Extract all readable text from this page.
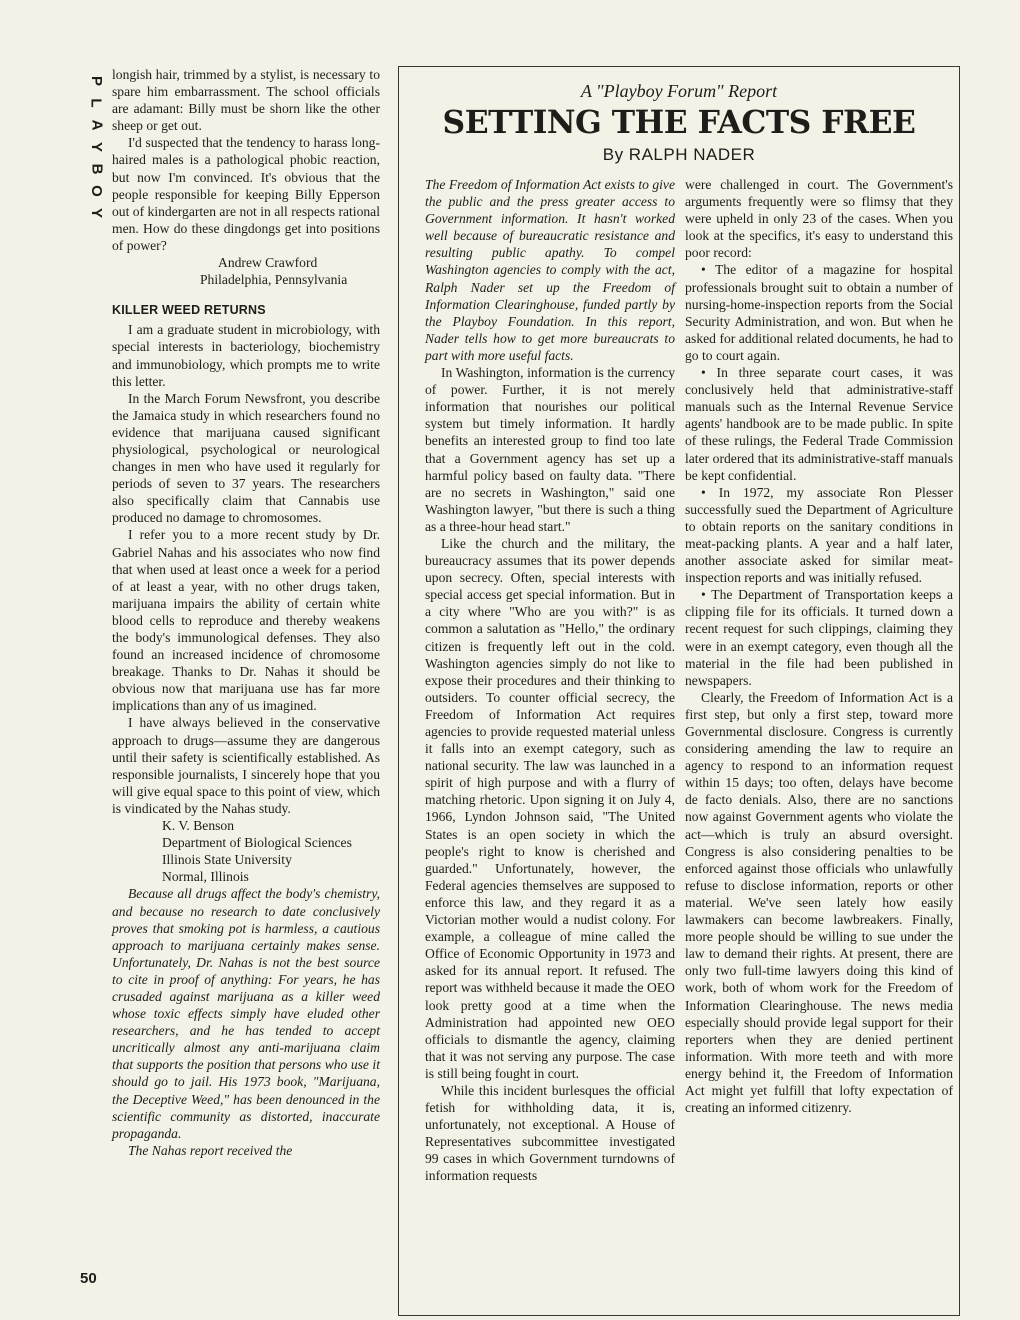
P
L
A
Y
B
O
Y
50

longish hair, trimmed by a stylist, is necessary to spare him embarrassment. The school officials are adamant: Billy must be shorn like the other sheep or get out.

I'd suspected that the tendency to harass long-haired males is a pathological phobic reaction, but now I'm convinced. It's obvious that the people responsible for keeping Billy Epperson out of kindergarten are not in all respects rational men. How do these dingdongs get into positions of power?

Andrew Crawford

Philadelphia, Pennsylvania

KILLER WEED RETURNS

I am a graduate student in microbiology, with special interests in bacteriology, biochemistry and immunobiology, which prompts me to write this letter.

In the March Forum Newsfront, you describe the Jamaica study in which researchers found no evidence that marijuana caused significant physiological, psychological or neurological changes in men who have used it regularly for periods of seven to 37 years. The researchers also specifically claim that Cannabis use produced no damage to chromosomes.

I refer you to a more recent study by Dr. Gabriel Nahas and his associates who now find that when used at least once a week for a period of at least a year, with no other drugs taken, marijuana impairs the ability of certain white blood cells to reproduce and thereby weakens the body's immunological defenses. They also found an increased incidence of chromosome breakage. Thanks to Dr. Nahas it should be obvious now that marijuana use has far more implications than any of us imagined.

I have always believed in the conservative approach to drugs—assume they are dangerous until their safety is scientifically established. As responsible journalists, I sincerely hope that you will give equal space to this point of view, which is vindicated by the Nahas study.

K. V. Benson

Department of Biological Sciences

Illinois State University

Normal, Illinois

Because all drugs affect the body's chemistry, and because no research to date conclusively proves that smoking pot is harmless, a cautious approach to marijuana certainly makes sense. Unfortunately, Dr. Nahas is not the best source to cite in proof of anything: For years, he has crusaded against marijuana as a killer weed whose toxic effects simply have eluded other researchers, and he has tended to accept uncritically almost any anti-marijuana claim that supports the position that persons who use it should go to jail. His 1973 book, "Marijuana, the Deceptive Weed," has been denounced in the scientific community as distorted, inaccurate propaganda.

The Nahas report received the

A "Playboy Forum" Report
SETTING THE FACTS FREE
By RALPH NADER

The Freedom of Information Act exists to give the public and the press greater access to Government information. It hasn't worked well because of bureaucratic resistance and resulting public apathy. To compel Washington agencies to comply with the act, Ralph Nader set up the Freedom of Information Clearinghouse, funded partly by the Playboy Foundation. In this report, Nader tells how to get more bureaucrats to part with more useful facts.

In Washington, information is the currency of power. Further, it is not merely information that nourishes our political system but timely information. It hardly benefits an interested group to find too late that a Government agency has set up a harmful policy based on faulty data. "There are no secrets in Washington," said one Washington lawyer, "but there is such a thing as a three-hour head start."

Like the church and the military, the bureaucracy assumes that its power depends upon secrecy. Often, special interests with special access get special information. But in a city where "Who are you with?" is as common a salutation as "Hello," the ordinary citizen is frequently left out in the cold. Washington agencies simply do not like to expose their procedures and their thinking to outsiders. To counter official secrecy, the Freedom of Information Act requires agencies to provide requested material unless it falls into an exempt category, such as national security. The law was launched in a spirit of high purpose and with a flurry of matching rhetoric. Upon signing it on July 4, 1966, Lyndon Johnson said, "The United States is an open society in which the people's right to know is cherished and guarded." Unfortunately, however, the Federal agencies themselves are supposed to enforce this law, and they regard it as a Victorian mother would a nudist colony. For example, a colleague of mine called the Office of Economic Opportunity in 1973 and asked for its annual report. It refused. The report was withheld because it made the OEO look pretty good at a time when the Administration had appointed new OEO officials to dismantle the agency, claiming that it was not serving any purpose. The case is still being fought in court.

While this incident burlesques the official fetish for withholding data, it is, unfortunately, not exceptional. A House of Representatives subcommittee investigated 99 cases in which Government turndowns of information requests

were challenged in court. The Government's arguments frequently were so flimsy that they were upheld in only 23 of the cases. When you look at the specifics, it's easy to understand this poor record:

• The editor of a magazine for hospital professionals brought suit to obtain a number of nursing-home-inspection reports from the Social Security Administration, and won. But when he asked for additional related documents, he had to go to court again.

• In three separate court cases, it was conclusively held that administrative-staff manuals such as the Internal Revenue Service agents' handbook are to be made public. In spite of these rulings, the Federal Trade Commission later ordered that its administrative-staff manuals be kept confidential.

• In 1972, my associate Ron Plesser successfully sued the Department of Agriculture to obtain reports on the sanitary conditions in meat-packing plants. A year and a half later, another associate asked for similar meat-inspection reports and was initially refused.

• The Department of Transportation keeps a clipping file for its officials. It turned down a recent request for such clippings, claiming they were in an exempt category, even though all the material in the file had been published in newspapers.

Clearly, the Freedom of Information Act is a first step, but only a first step, toward more Governmental disclosure. Congress is currently considering amending the law to require an agency to respond to an information request within 15 days; too often, delays have become de facto denials. Also, there are no sanctions now against Government agents who violate the act—which is truly an absurd oversight. Congress is also considering penalties to be enforced against those officials who unlawfully refuse to disclose information, reports or other material. We've seen lately how easily lawmakers can become lawbreakers. Finally, more people should be willing to sue under the law to demand their rights. At present, there are only two full-time lawyers doing this kind of work, both of whom work for the Freedom of Information Clearinghouse. The news media especially should provide legal support for their reporters when they are denied pertinent information. With more teeth and with more energy behind it, the Freedom of Information Act might yet fulfill that lofty expectation of creating an informed citizenry.
